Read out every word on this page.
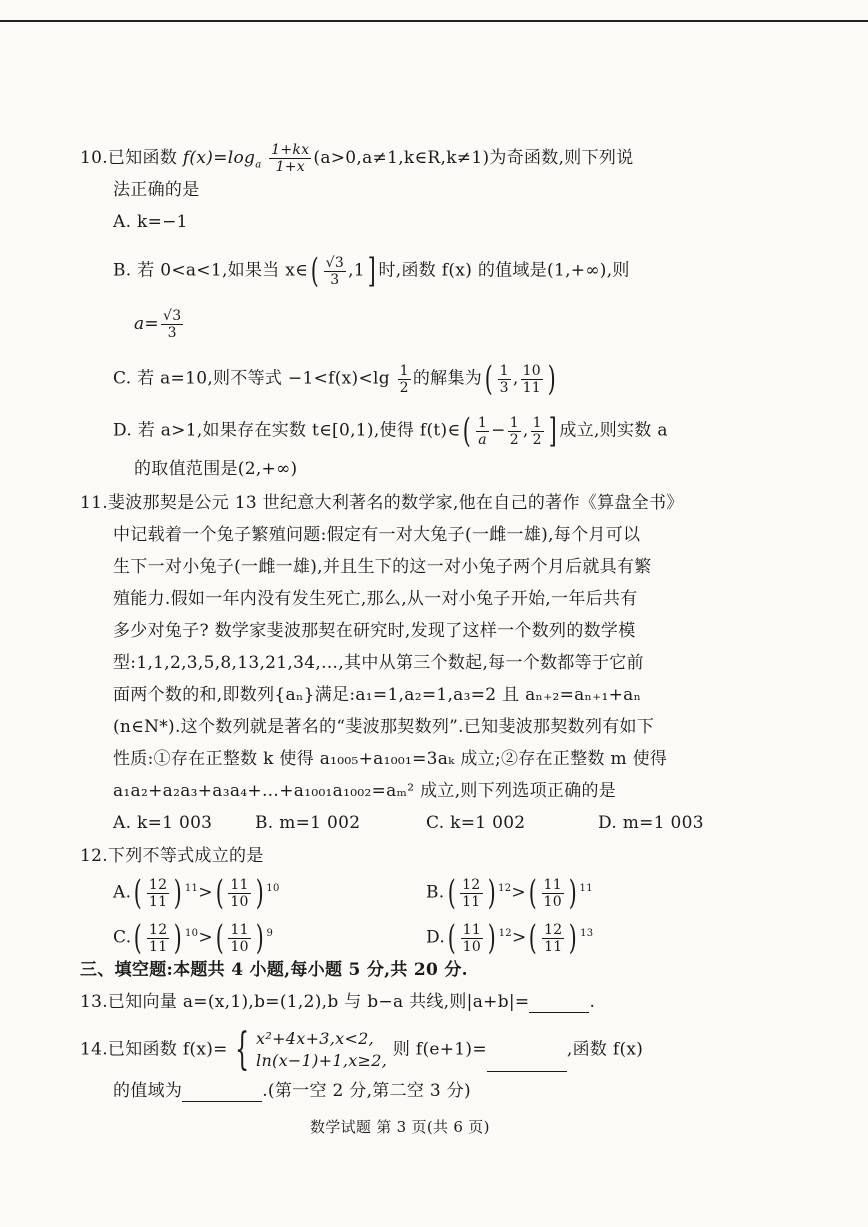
10.已知函数 $f(x)=\log_a \frac{1+kx}{1+x}$ (a>0,a≠1,k∈R,k≠1)为奇函数,则下列说
法正确的是
A. k=−1
B. 若 0<a<1,如果当 x∈( $\frac{√3}{3} ,1$] 时,函数 f(x) 的值域是(1,+∞),则
$a= \frac{√3}{3}$
C. 若 a=10,则不等式 $-1<f(x)<\lg \frac{1}{2}$ 的解集为( $\frac{1}{3}$ , $\frac{10}{11}$ )
D. 若 a>1,如果存在实数 t∈[0,1),使得 f(t)∈( $\frac{1}{a} - \frac{1}{2}$ , $\frac{1}{2}$ ] 成立,则实数 a
的取值范围是(2,+∞)
11.斐波那契是公元 13 世纪意大利著名的数学家,他在自己的著作《算盘全书》
中记载着一个兔子繁殖问题:假定有一对大兔子(一雌一雄),每个月可以
生下一对小兔子(一雌一雄),并且生下的这一对小兔子两个月后就具有繁
殖能力.假如一年内没有发生死亡,那么,从一对小兔子开始,一年后共有
多少对兔子? 数学家斐波那契在研究时,发现了这样一个数列的数学模
型:1,1,2,3,5,8,13,21,34,…,其中从第三个数起,每一个数都等于它前
面两个数的和,即数列{aₙ}满足:a₁=1,a₂=1,a₃=2 且 aₙ₊₂=aₙ₊₁+aₙ
(n∈N*).这个数列就是著名的“斐波那契数列”.已知斐波那契数列有如下
性质:①存在正整数 k 使得 a₁₀₀₅+a₁₀₀₁=3aₖ 成立;②存在正整数 m 使得
a₁a₂+a₂a₃+a₃a₄+…+a₁₀₀₁a₁₀₀₂=aₘ² 成立,则下列选项正确的是
A. k=1 003	B. m=1 002	C. k=1 002	D. m=1 003
12.下列不等式成立的是
$A.( \frac{12}{11}$ ) $^{11}>( \frac{11}{10}$ ) $^{10}$	$B.( \frac{12}{11}$ ) $^{12}>( \frac{11}{10}$ ) $^{11}$
$C.( \frac{12}{11}$ ) $^{10}>( \frac{11}{10}$ ) $^9$	$D.( \frac{11}{10}$ ) $^{12}>( \frac{12}{11}$ ) $^{13}$
三、填空题:本题共 4 小题,每小题 5 分,共 20 分.
13.已知向量 a=(x,1),b=(1,2),b 与 b−a 共线,则|a+b|=	.
14.已知函数 f(x)= { x²+4x+3,x<2,
ln(x−1)+1,x≥2,
则 f(e+1)=	,函数 f(x)
的值域为	.(第一空 2 分,第二空 3 分)
数学试题 第 3 页(共 6 页)
